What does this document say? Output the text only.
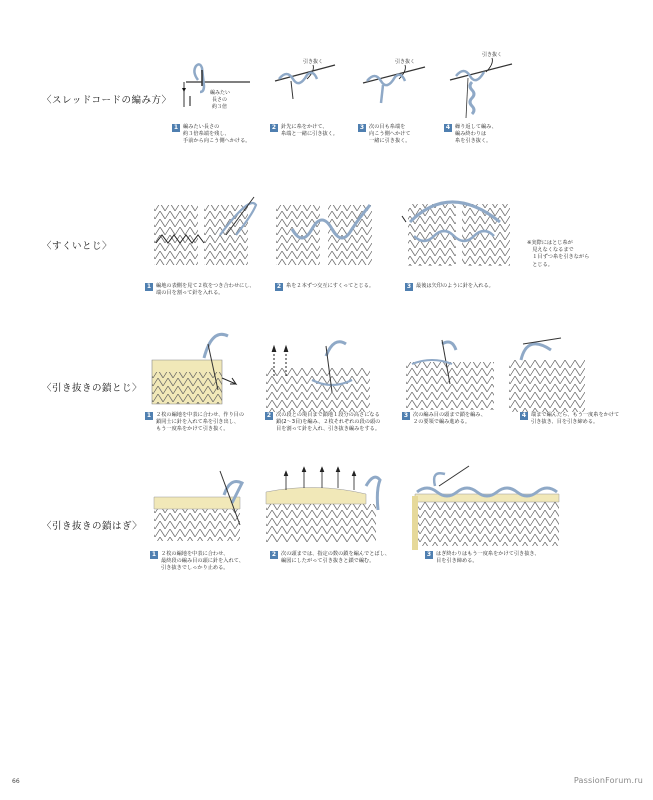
〈スレッドコードの編み方〉
編みたい
長さの
約３倍
引き抜く	引き抜く
引き抜く
1 編みたい長さの
約３倍糸端を残し、
手前から向こう側へかける。
2 針先に糸をかけて、
糸端と一緒に引き抜く。
3 次の目も糸端を
向こう側へかけて
一緒に引き抜く。
4 繰り返して編み、
編み終わりは
糸を引き抜く。
〈すくいとじ〉	※実際にはとじ糸が
　見えなくなるまで
　１目ずつ糸を引きながら
　とじる。
1 編地の表側を見て２枚をつき合わせにし、
端の目を割って針を入れる。
2 糸を２本ずつ交互にすくってとじる。	3 最後は矢印のように針を入れる。
〈引き抜きの鎖とじ〉
1 ２枚の編地を中表に合わせ、作り目の
鎖同士に針を入れて糸を引き出し、
もう一度糸をかけて引き抜く。
2 次の段との境目まで鎖地１段分の高さになる
鎖(2〜3目)を編み、２枚それぞれの段の頭の
目を割って針を入れ、引き抜き編みをする。
3 次の編み目の頭まで鎖を編み、
２の要領で編み進める。
4 端まで編んだら、もう一度糸をかけて
引き抜き、目を引き締める。
〈引き抜きの鎖はぎ〉
1 ２枚の編地を中表に合わせ、
最終段の編み目の頭に針を入れて、
引き抜きでしっかり止める。
2 次の頭までは、指定の数の鎖を編んでとばし、
編図にしたがって引き抜きと鎖で編む。
3 はぎ終わりはもう一度糸をかけて引き抜き、
目を引き締める。
66	PassionForum.ru
